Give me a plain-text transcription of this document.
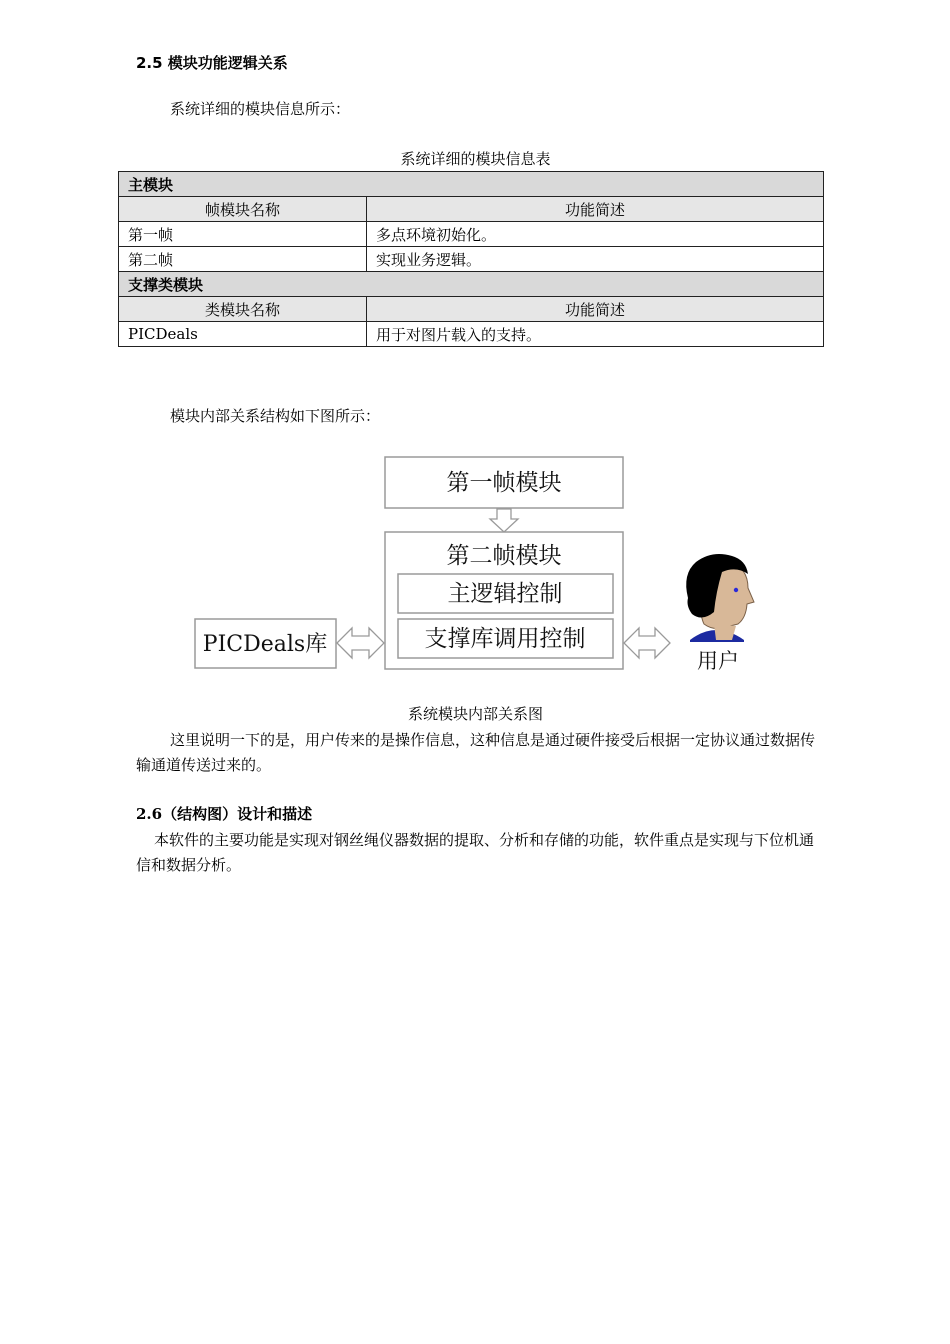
2.5 模块功能逻辑关系
系统详细的模块信息所示：
系统详细的模块信息表
主模块	
帧模块名称	功能简述
第一帧	多点环境初始化。
第二帧	实现业务逻辑。
支撑类模块	
类模块名称	功能简述
PICDeals	用于对图片载入的支持。
模块内部关系结构如下图所示：
第一帧模块
第二帧模块
主逻辑控制
支撑库调用控制
PICDeals库
用户
系统模块内部关系图
这里说明一下的是，用户传来的是操作信息，这种信息是通过硬件接受后根据一定协议通过数据传输通道传送过来的。
2.6（结构图）设计和描述
本软件的主要功能是实现对钢丝绳仪器数据的提取、分析和存储的功能，软件重点是实现与下位机通信和数据分析。
